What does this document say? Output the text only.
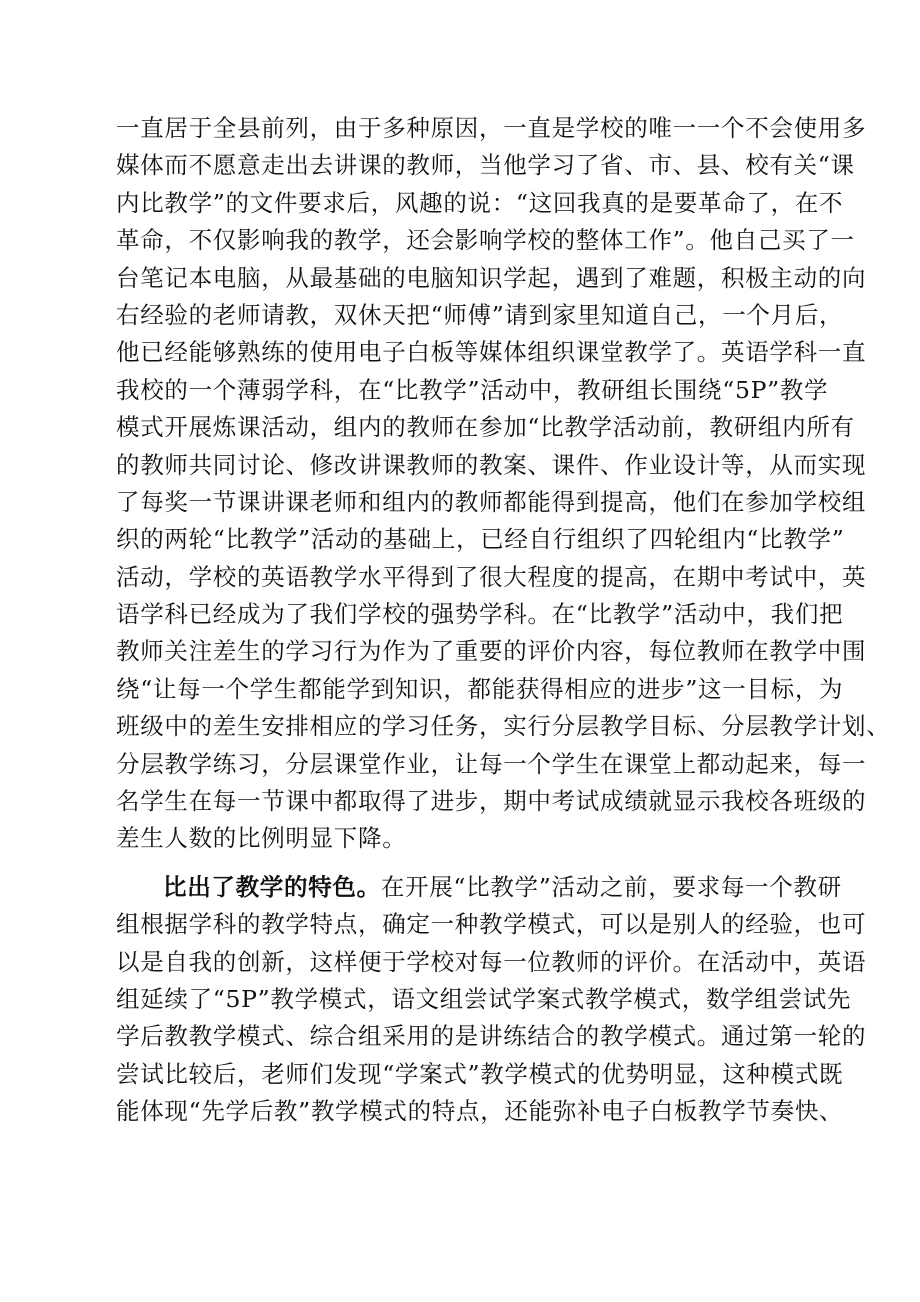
一直居于全县前列，由于多种原因，一直是学校的唯一一个不会使用多
媒体而不愿意走出去讲课的教师，当他学习了省、市、县、校有关“课
内比教学”的文件要求后，风趣的说：“这回我真的是要革命了，在不
革命，不仅影响我的教学，还会影响学校的整体工作”。他自己买了一
台笔记本电脑，从最基础的电脑知识学起，遇到了难题，积极主动的向
右经验的老师请教，双休天把“师傅”请到家里知道自己，一个月后，
他已经能够熟练的使用电子白板等媒体组织课堂教学了。英语学科一直
我校的一个薄弱学科，在“比教学”活动中，教研组长围绕“5P”教学
模式开展炼课活动，组内的教师在参加“比教学活动前，教研组内所有
的教师共同讨论、修改讲课教师的教案、课件、作业设计等，从而实现
了每奖一节课讲课老师和组内的教师都能得到提高，他们在参加学校组
织的两轮“比教学”活动的基础上，已经自行组织了四轮组内“比教学”
活动，学校的英语教学水平得到了很大程度的提高，在期中考试中，英
语学科已经成为了我们学校的强势学科。在“比教学”活动中，我们把
教师关注差生的学习行为作为了重要的评价内容，每位教师在教学中围
绕“让每一个学生都能学到知识，都能获得相应的进步”这一目标，为
班级中的差生安排相应的学习任务，实行分层教学目标、分层教学计划、
分层教学练习，分层课堂作业，让每一个学生在课堂上都动起来，每一
名学生在每一节课中都取得了进步，期中考试成绩就显示我校各班级的
差生人数的比例明显下降。
比出了教学的特色。在开展“比教学”活动之前，要求每一个教研
组根据学科的教学特点，确定一种教学模式，可以是别人的经验，也可
以是自我的创新，这样便于学校对每一位教师的评价。在活动中，英语
组延续了“5P”教学模式，语文组尝试学案式教学模式，数学组尝试先
学后教教学模式、综合组采用的是讲练结合的教学模式。通过第一轮的
尝试比较后，老师们发现“学案式”教学模式的优势明显，这种模式既
能体现“先学后教”教学模式的特点，还能弥补电子白板教学节奏快、
